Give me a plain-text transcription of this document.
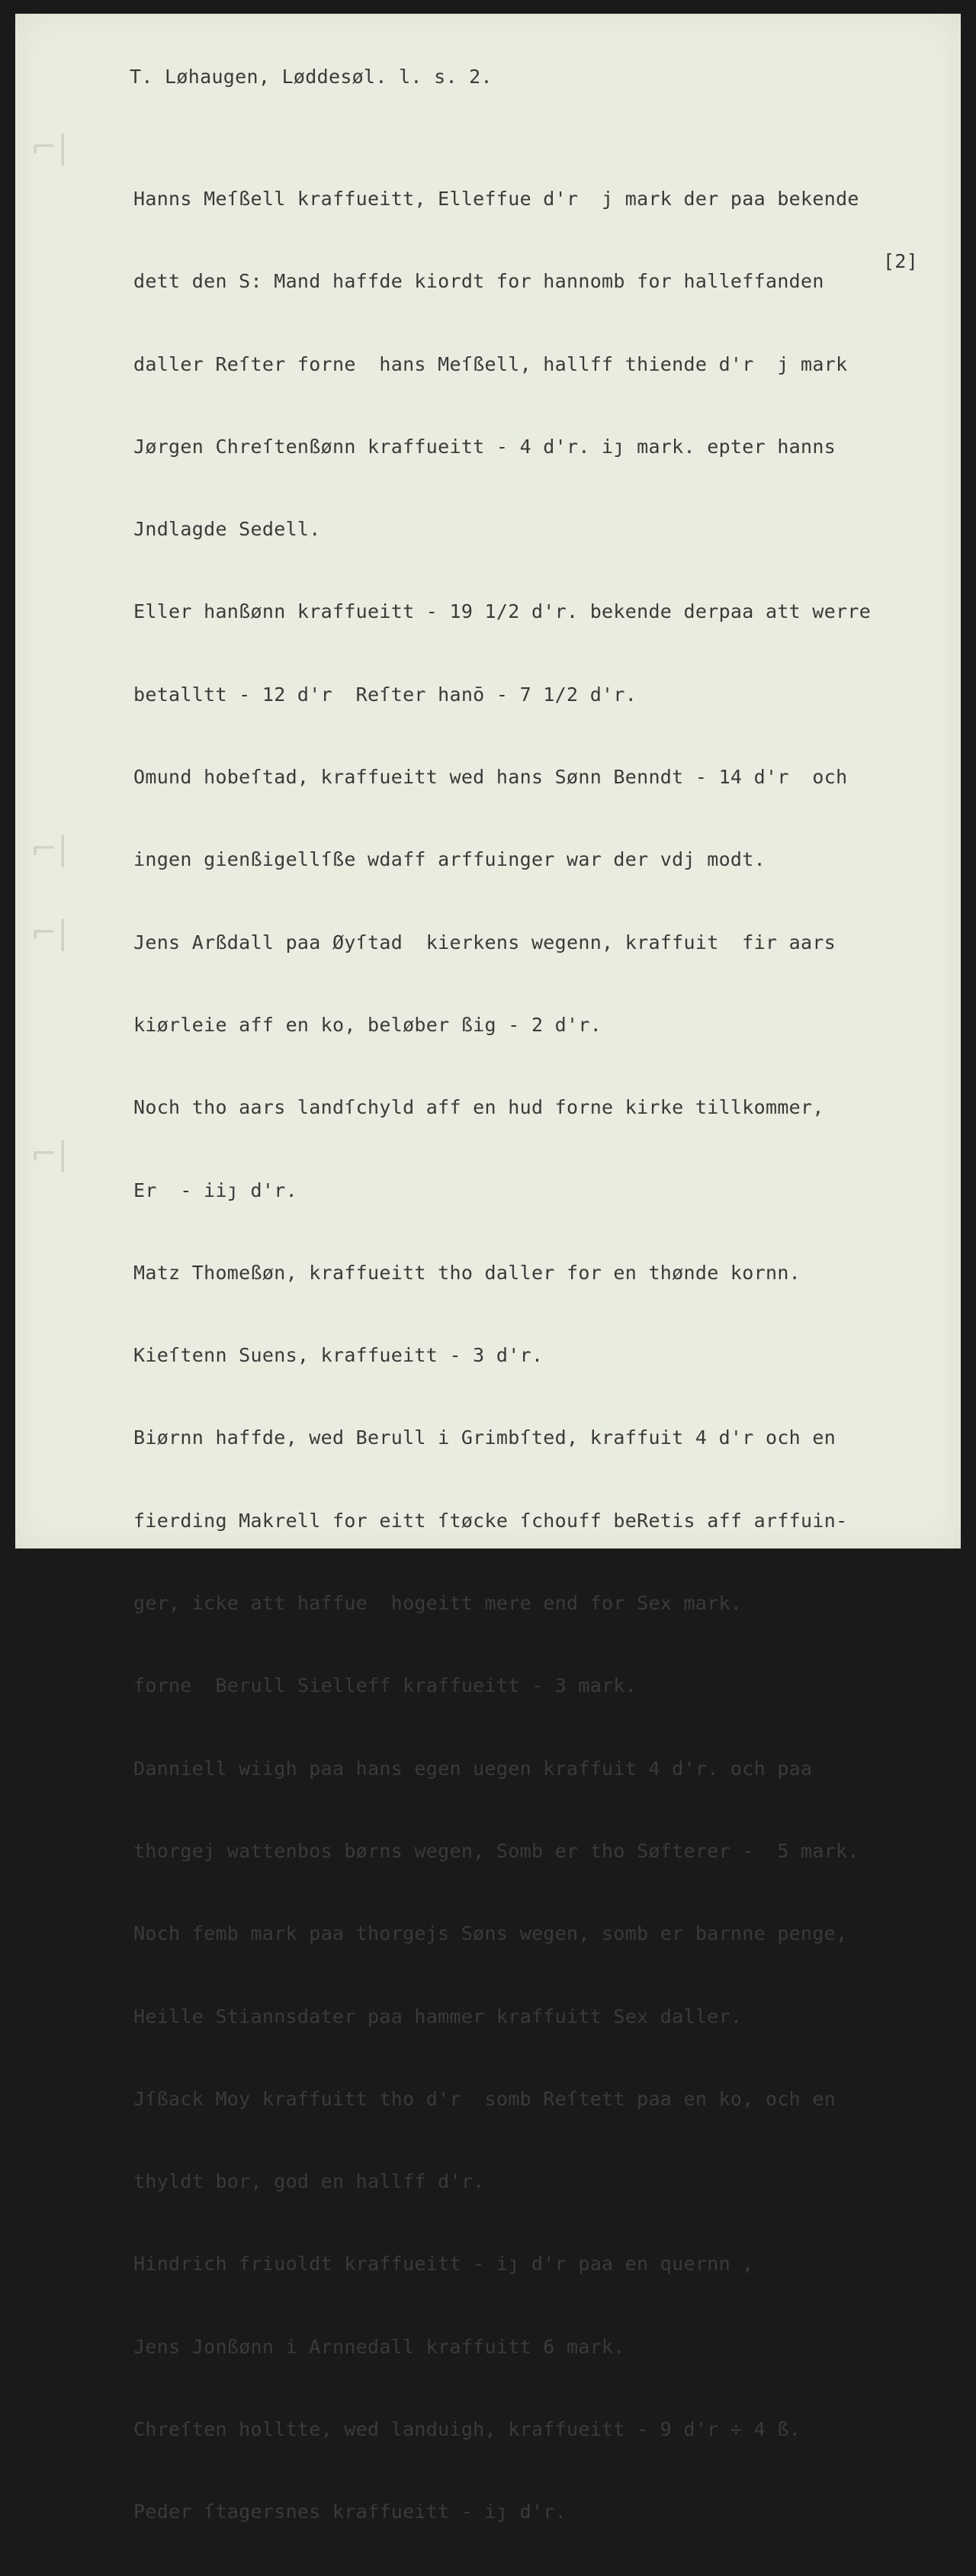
⌐|
⌐|
⌐|
⌐|
T. Løhaugen, Løddesøl. l. s. 2.
[2]

Hanns Meſßell kraffueitt, Elleffue d'r  j mark der paa bekende

dett den S: Mand haffde kiordt for hannomb for halleffanden

daller Reſter forne  hans Meſßell, hallff thiende d'r  j mark

Jørgen Chreſtenßønn kraffueitt - 4 d'r. iȷ mark. epter hanns

Jndlagde Sedell.

Eller hanßønn kraffueitt - 19 1/2 d'r. bekende derpaa att werre

betalltt - 12 d'r  Reſter hanō - 7 1/2 d'r.

Omund hobeſtad, kraffueitt wed hans Sønn Benndt - 14 d'r  och

ingen gienßigellſße wdaff arffuinger war der vdj modt.

Jens Arßdall paa Øyſtad  kierkens wegenn, kraffuit  fir aars

kiørleie aff en ko, beløber ßig - 2 d'r.

Noch tho aars landſchyld aff en hud forne kirke tillkommer,

Er  - iiȷ d'r.

Matz Thomeßøn, kraffueitt tho daller for en thønde kornn.

Kieſtenn Suens, kraffueitt - 3 d'r.

Biørnn haffde, wed Berull i Grimbſted, kraffuit 4 d'r och en

fierding Makrell for eitt ſtøcke ſchouff beRetis aff arffuin-

ger, icke att haffue  hogeitt mere end for Sex mark.

forne  Berull Sielleff kraffueitt - 3 mark.

Danniell wiigh paa hans egen uegen kraffuit 4 d'r. och paa

thorgej wattenbos børns wegen, Somb er tho Søfterer -  5 mark.

Noch femb mark paa thorgejs Søns wegen, somb er barnne penge,

Heille Stiannsdater paa hammer kraffuitt Sex daller.

Jſßack Moy kraffuitt tho d'r  somb Reſtett paa en ko, och en

thyldt bor, god en hallff d'r.

Hindrich friuoldt kraffueitt - iȷ d'r paa en quernn ,

Jens Jonßønn i Arnnedall kraffuitt 6 mark.

Chreſten holltte, wed landuigh, kraffueitt - 9 d'r ÷ 4 ß.

Peder ſtagersnes kraffueitt - iȷ d'r.
